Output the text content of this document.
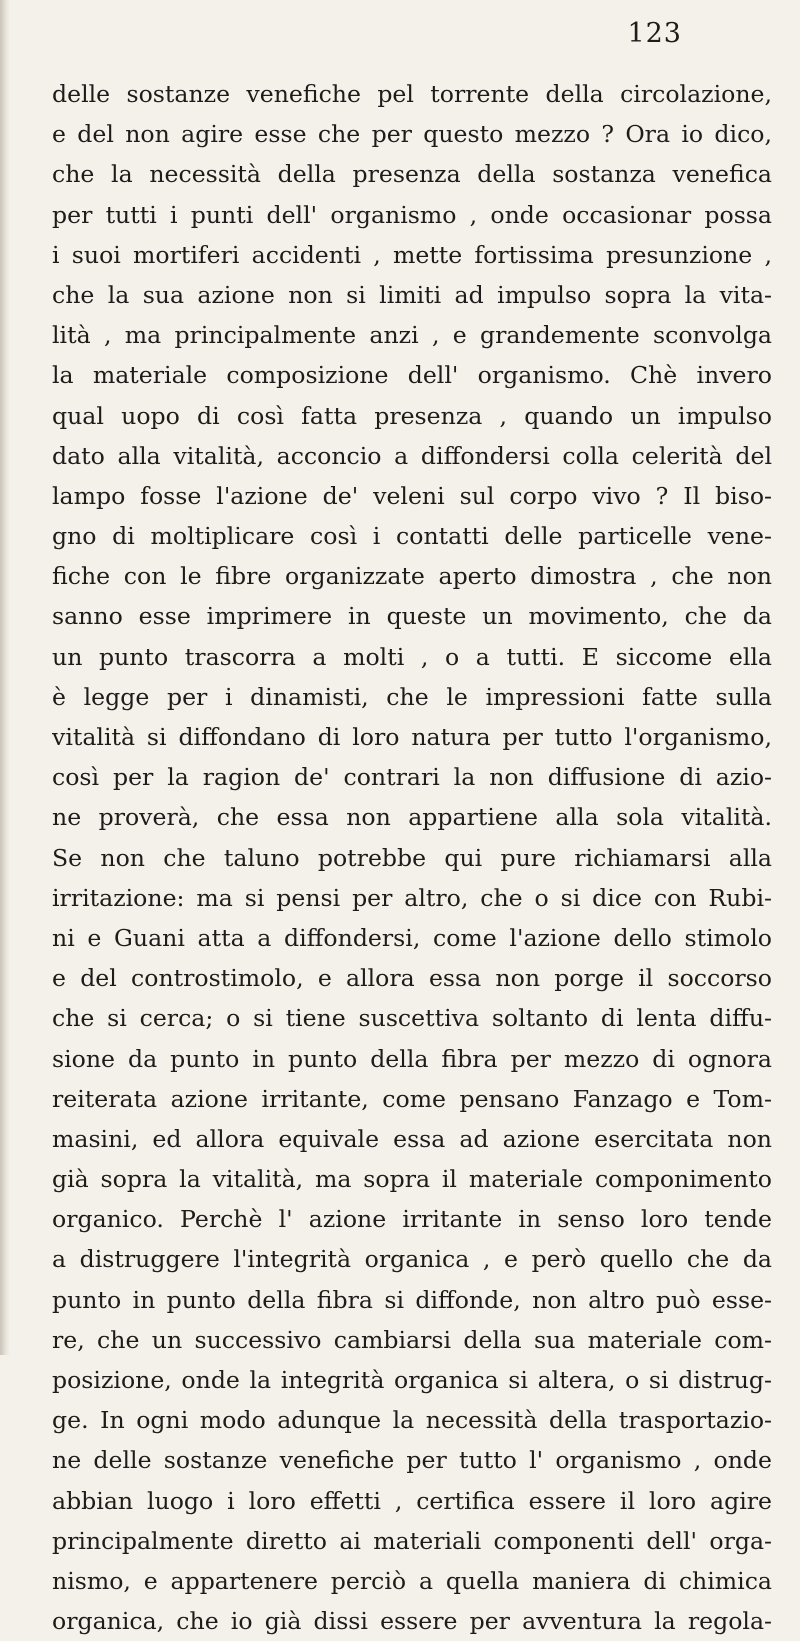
123
delle sostanze venefiche pel torrente della circolazione,
e del non agire esse che per questo mezzo ? Ora io dico,
che la necessità della presenza della sostanza venefica
per tutti i punti dell' organismo , onde occasionar possa
i suoi mortiferi accidenti , mette fortissima presunzione ,
che la sua azione non si limiti ad impulso sopra la vita-
lità , ma principalmente anzi , e grandemente sconvolga
la materiale composizione dell' organismo. Chè invero
qual uopo di così fatta presenza , quando un impulso
dato alla vitalità, acconcio a diffondersi colla celerità del
lampo fosse l'azione de' veleni sul corpo vivo ? Il biso-
gno di moltiplicare così i contatti delle particelle vene-
fiche con le fibre organizzate aperto dimostra , che non
sanno esse imprimere in queste un movimento, che da
un punto trascorra a molti , o a tutti. E siccome ella
è legge per i dinamisti, che le impressioni fatte sulla
vitalità si diffondano di loro natura per tutto l'organismo,
così per la ragion de' contrari la non diffusione di azio-
ne proverà, che essa non appartiene alla sola vitalità.
Se non che taluno potrebbe qui pure richiamarsi alla
irritazione: ma si pensi per altro, che o si dice con Rubi-
ni e Guani atta a diffondersi, come l'azione dello stimolo
e del controstimolo, e allora essa non porge il soccorso
che si cerca; o si tiene suscettiva soltanto di lenta diffu-
sione da punto in punto della fibra per mezzo di ognora
reiterata azione irritante, come pensano Fanzago e Tom-
masini, ed allora equivale essa ad azione esercitata non
già sopra la vitalità, ma sopra il materiale componimento
organico. Perchè l' azione irritante in senso loro tende
a distruggere l'integrità organica , e però quello che da
punto in punto della fibra si diffonde, non altro può esse-
re, che un successivo cambiarsi della sua materiale com-
posizione, onde la integrità organica si altera, o si distrug-
ge. In ogni modo adunque la necessità della trasportazio-
ne delle sostanze venefiche per tutto l' organismo , onde
abbian luogo i loro effetti , certifica essere il loro agire
principalmente diretto ai materiali componenti dell' orga-
nismo, e appartenere perciò a quella maniera di chimica
organica, che io già dissi essere per avventura la regola-
